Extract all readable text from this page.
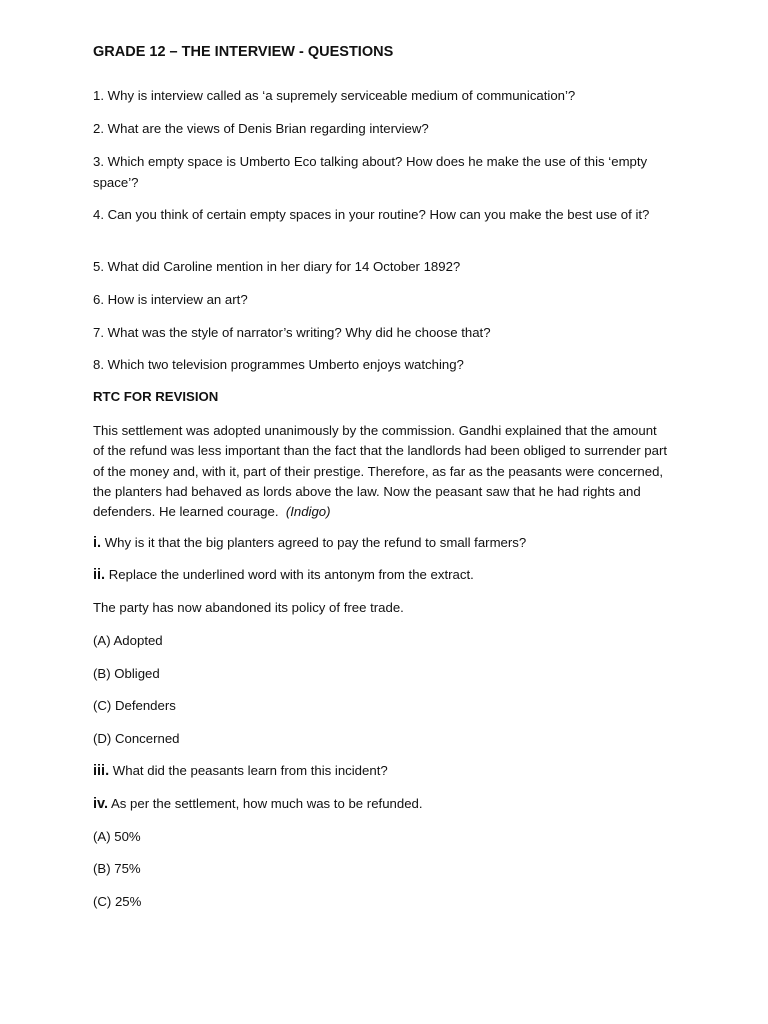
GRADE 12 – THE INTERVIEW - QUESTIONS
1. Why is interview called as ‘a supremely serviceable medium of communication’?
2. What are the views of Denis Brian regarding interview?
3. Which empty space is Umberto Eco talking about? How does he make the use of this ‘empty space’?
4. Can you think of certain empty spaces in your routine? How can you make the best use of it?
5. What did Caroline mention in her diary for 14 October 1892?
6. How is interview an art?
7. What was the style of narrator’s writing? Why did he choose that?
8. Which two television programmes Umberto enjoys watching?
RTC FOR REVISION
This settlement was adopted unanimously by the commission. Gandhi explained that the amount of the refund was less important than the fact that the landlords had been obliged to surrender part of the money and, with it, part of their prestige. Therefore, as far as the peasants were concerned, the planters had behaved as lords above the law. Now the peasant saw that he had rights and defenders. He learned courage. (Indigo)
i. Why is it that the big planters agreed to pay the refund to small farmers?
ii. Replace the underlined word with its antonym from the extract.
The party has now abandoned its policy of free trade.
(A) Adopted
(B) Obliged
(C) Defenders
(D) Concerned
iii. What did the peasants learn from this incident?
iv. As per the settlement, how much was to be refunded.
(A) 50%
(B) 75%
(C) 25%
